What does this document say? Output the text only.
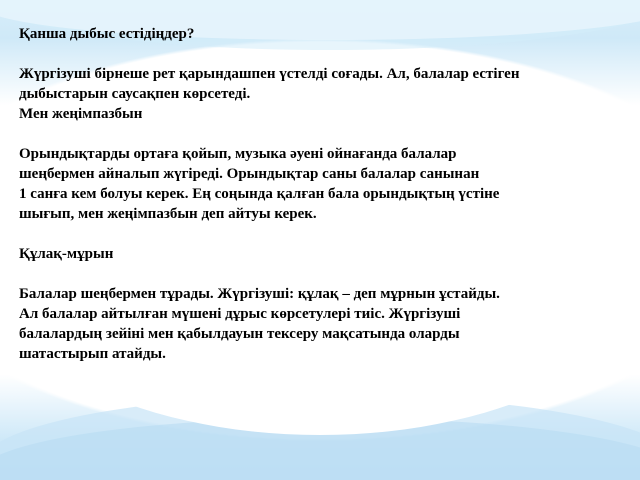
Қанша дыбыс естідіңдер?
Жүргізуші бірнеше рет қарындашпен үстелді соғады. Ал, балалар естіген
дыбыстарын саусақпен көрсетеді.
Мен жеңімпазбын
Орындықтарды ортаға қойып, музыка әуені ойнағанда балалар
шеңбермен айналып жүгіреді. Орындықтар саны балалар санынан
1 санға кем болуы керек. Ең соңында қалған бала орындықтың үстіне
шығып, мен жеңімпазбын деп айтуы керек.
Құлақ-мұрын
Балалар шеңбермен тұрады. Жүргізуші: құлақ – деп мұрнын ұстайды.
Ал балалар айтылған мүшені дұрыс көрсетулері тиіс. Жүргізуші
балалардың зейіні мен қабылдауын тексеру мақсатында оларды
шатастырып атайды.
